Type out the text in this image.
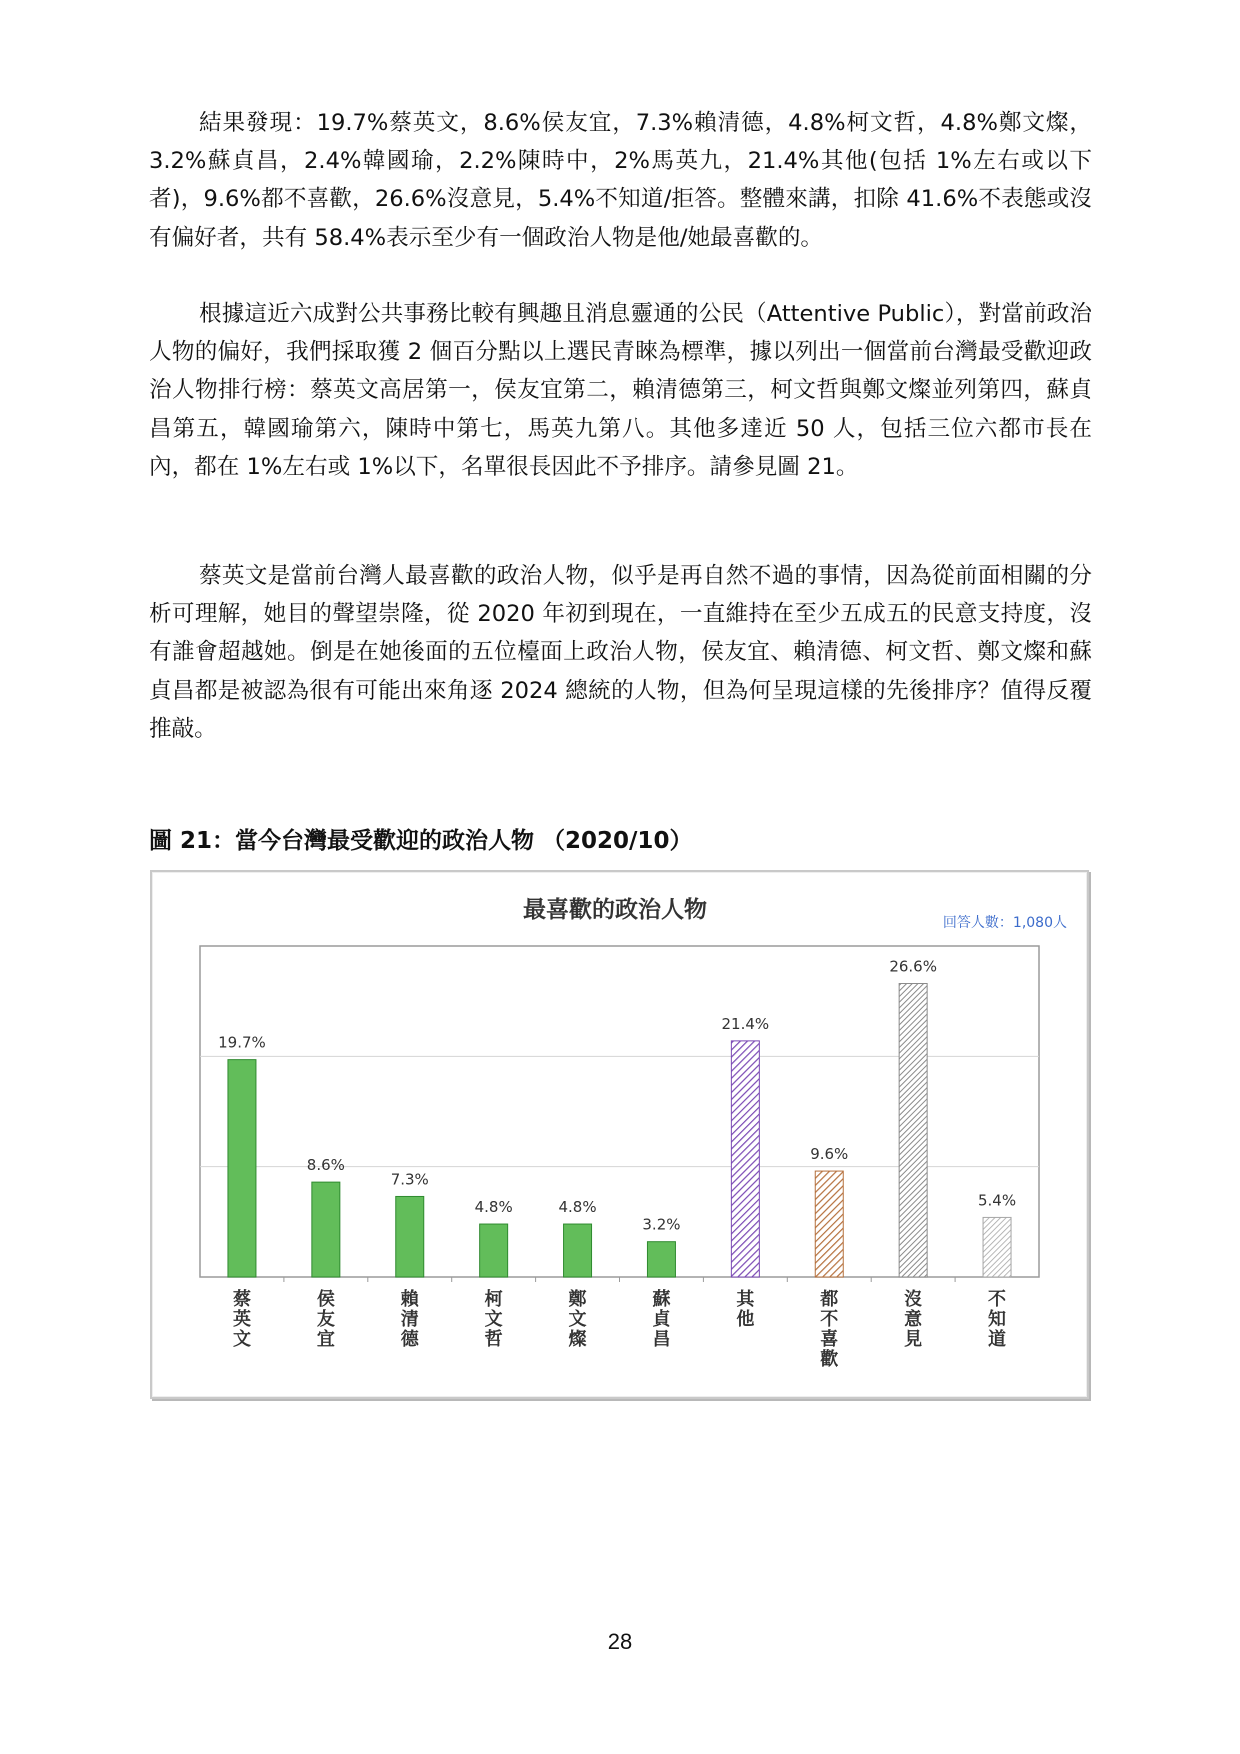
結果發現：19.7%蔡英文，8.6%侯友宜，7.3%賴清德，4.8%柯文哲，4.8%鄭文燦，3.2%蘇貞昌，2.4%韓國瑜，2.2%陳時中，2%馬英九，21.4%其他(包括 1%左右或以下者)，9.6%都不喜歡，26.6%沒意見，5.4%不知道/拒答。整體來講，扣除 41.6%不表態或沒有偏好者，共有 58.4%表示至少有一個政治人物是他/她最喜歡的。

根據這近六成對公共事務比較有興趣且消息靈通的公民（Attentive Public），對當前政治人物的偏好，我們採取獲 2 個百分點以上選民青睞為標準，據以列出一個當前台灣最受歡迎政治人物排行榜：蔡英文高居第一，侯友宜第二，賴清德第三，柯文哲與鄭文燦並列第四，蘇貞昌第五，韓國瑜第六，陳時中第七，馬英九第八。其他多達近 50 人，包括三位六都市長在內，都在 1%左右或 1%以下，名單很長因此不予排序。請參見圖 21。

蔡英文是當前台灣人最喜歡的政治人物，似乎是再自然不過的事情，因為從前面相關的分析可理解，她目的聲望崇隆，從 2020 年初到現在，一直維持在至少五成五的民意支持度，沒有誰會超越她。倒是在她後面的五位檯面上政治人物，侯友宜、賴清德、柯文哲、鄭文燦和蘇貞昌都是被認為很有可能出來角逐 2024 總統的人物，但為何呈現這樣的先後排序？值得反覆推敲。

圖 21：當今台灣最受歡迎的政治人物 （2020/10）

最喜歡的政治人物	回答人數：1,080人
19.7%
8.6%
7.3%
4.8%	4.8%
3.2%
21.4%
9.6%
26.6%
5.4%
蔡英文
侯友宜
賴清德
柯文哲
鄭文燦
蘇貞昌
其他
都不喜歡
沒意見
不知道
28
